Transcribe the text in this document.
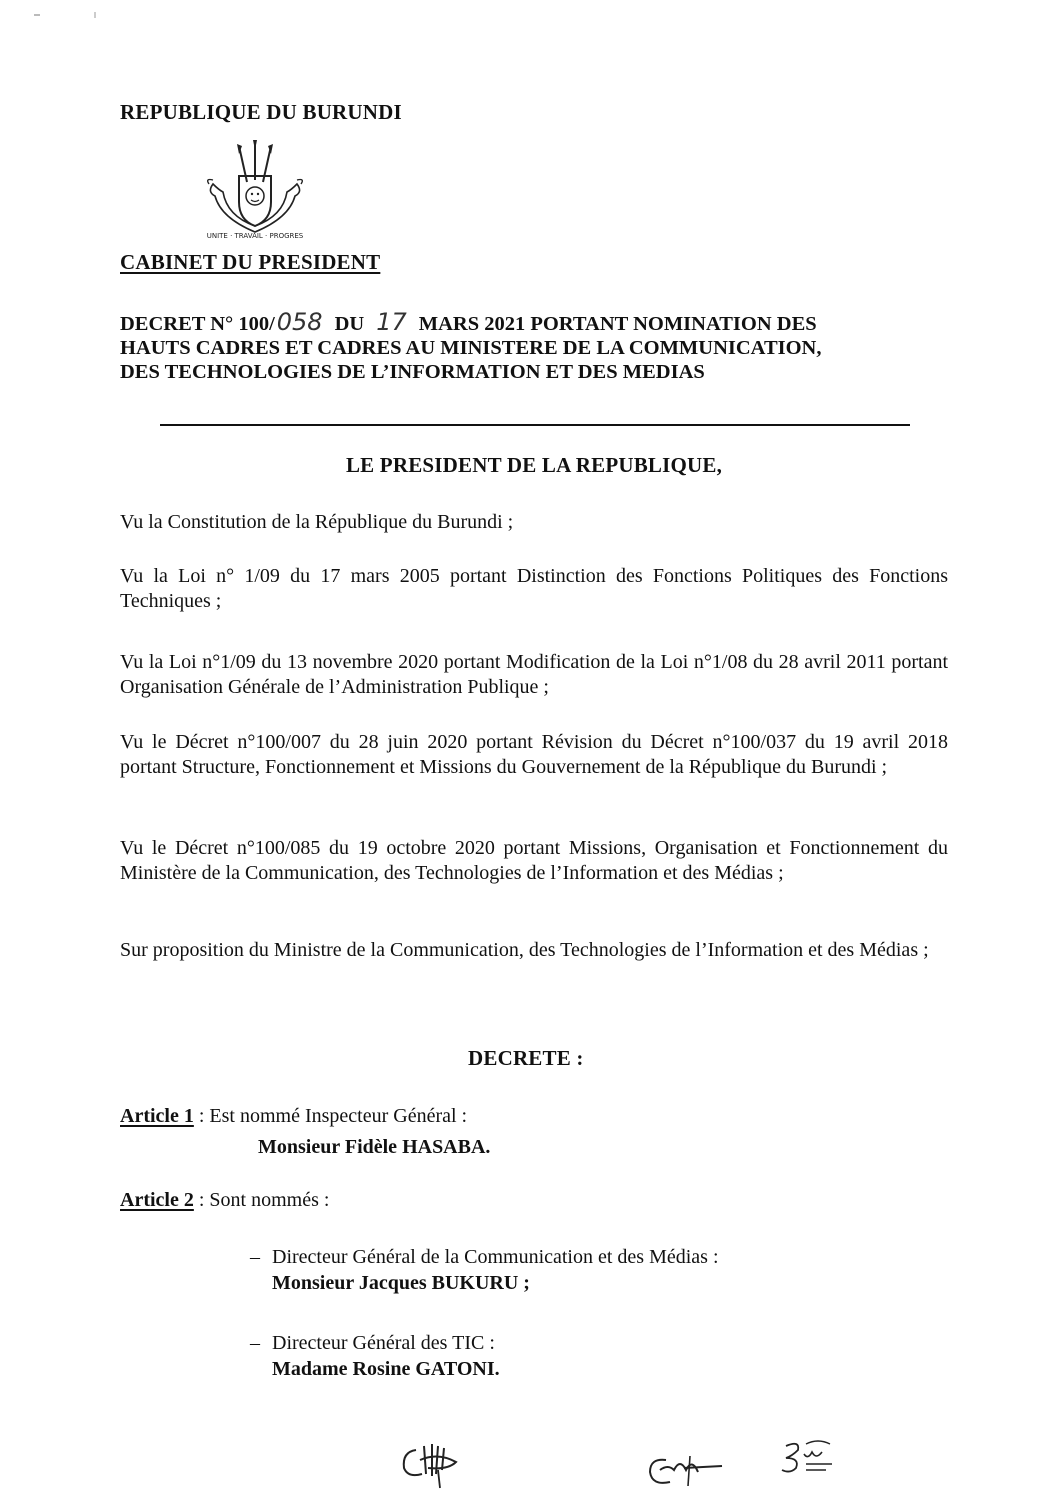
REPUBLIQUE DU BURUNDI
UNITE · TRAVAIL · PROGRES
CABINET DU PRESIDENT
DECRET N° 100/058 DU 17 MARS 2021 PORTANT NOMINATION DES
HAUTS CADRES ET CADRES AU MINISTERE DE LA COMMUNICATION,
DES TECHNOLOGIES DE L’INFORMATION ET DES MEDIAS
LE PRESIDENT DE LA REPUBLIQUE,
Vu la Constitution de la République du Burundi ;
Vu la Loi n° 1/09 du 17 mars 2005 portant Distinction des Fonctions Politiques des Fonctions Techniques ;
Vu la Loi n°1/09 du 13 novembre 2020 portant Modification de la Loi n°1/08 du 28 avril 2011 portant Organisation Générale de l’Administration Publique ;
Vu le Décret n°100/007 du 28 juin 2020 portant Révision du Décret n°100/037 du 19 avril 2018 portant Structure, Fonctionnement et Missions du Gouvernement de la République du Burundi ;
Vu le Décret n°100/085 du 19 octobre 2020 portant Missions, Organisation et Fonctionnement du Ministère de la Communication, des Technologies de l’Information et des Médias ;
Sur proposition du Ministre de la Communication, des Technologies de l’Information et des Médias ;
DECRETE :
Article 1 : Est nommé Inspecteur Général :
Monsieur Fidèle HASABA.
Article 2 : Sont nommés :
– Directeur Général de la Communication et des Médias :
Monsieur Jacques BUKURU ;
– Directeur Général des TIC :
Madame Rosine GATONI.
